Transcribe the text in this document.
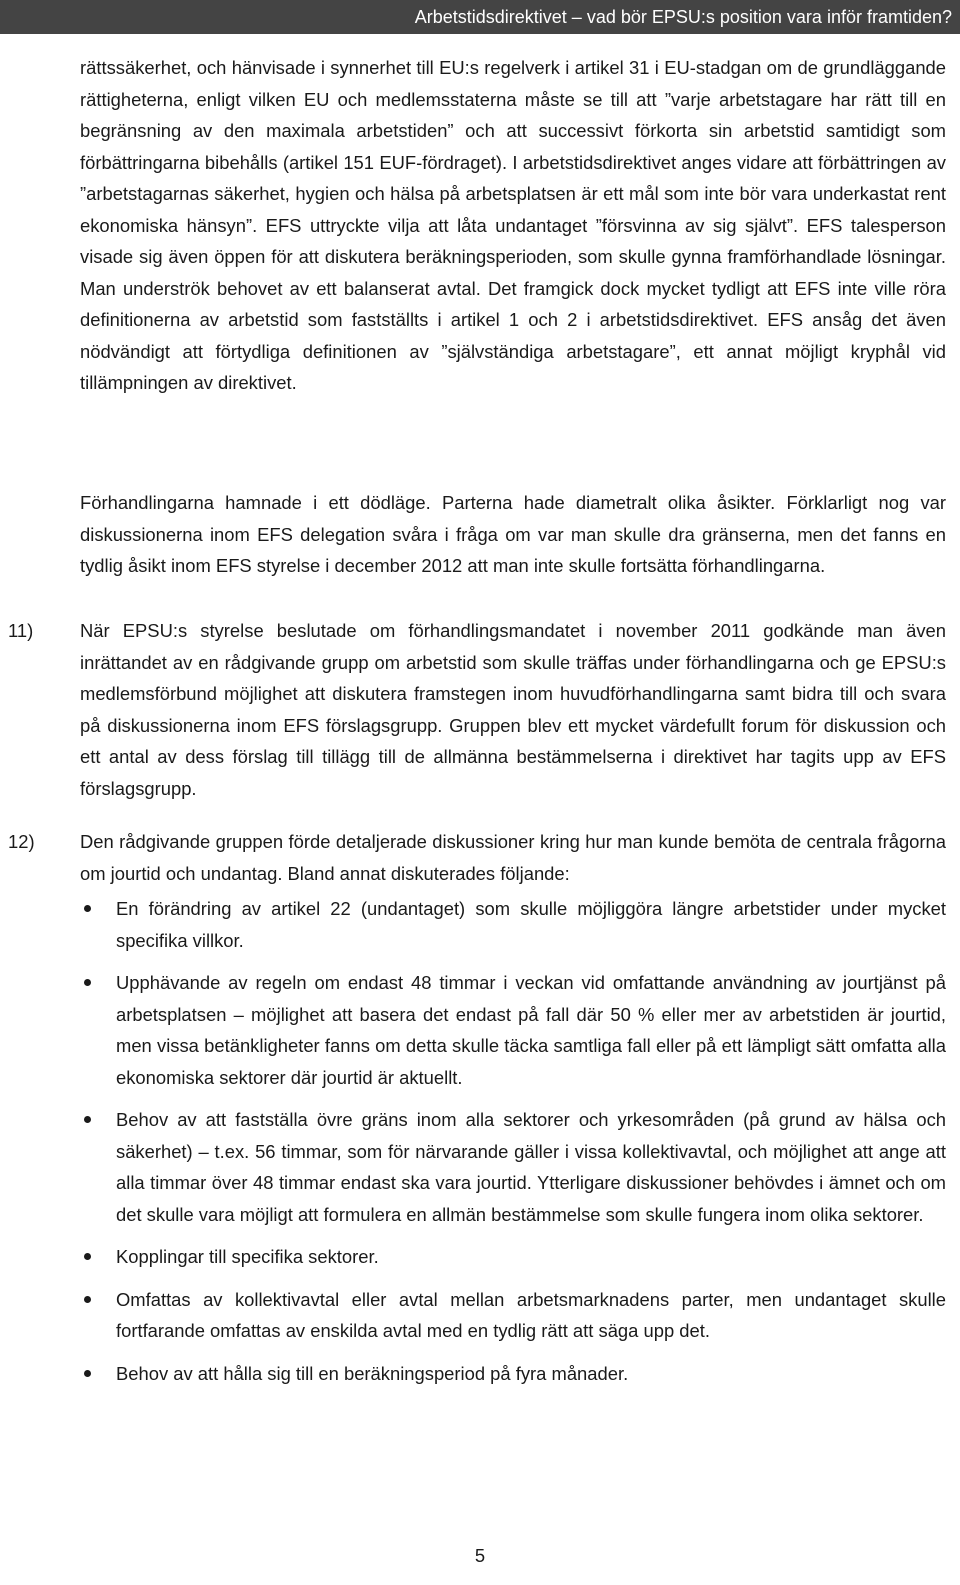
Arbetstidsdirektivet – vad bör EPSU:s position vara inför framtiden?

rättssäkerhet, och hänvisade i synnerhet till EU:s regelverk i artikel 31 i EU-stadgan om de grundläggande rättigheterna, enligt vilken EU och medlemsstaterna måste se till att ”varje arbetstagare har rätt till en begränsning av den maximala arbetstiden” och att successivt förkorta sin arbetstid samtidigt som förbättringarna bibehålls (artikel 151 EUF-fördraget). I arbetstidsdirektivet anges vidare att förbättringen av ”arbetstagarnas säkerhet, hygien och hälsa på arbetsplatsen är ett mål som inte bör vara underkastat rent ekonomiska hänsyn”. EFS uttryckte vilja att låta undantaget ”försvinna av sig självt”. EFS talesperson visade sig även öppen för att diskutera beräkningsperioden, som skulle gynna framförhandlade lösningar. Man underströk behovet av ett balanserat avtal. Det framgick dock mycket tydligt att EFS inte ville röra definitionerna av arbetstid som fastställts i artikel 1 och 2 i arbetstidsdirektivet. EFS ansåg det även nödvändigt att förtydliga definitionen av ”självständiga arbetstagare”, ett annat möjligt kryphål vid tillämpningen av direktivet.

Förhandlingarna hamnade i ett dödläge. Parterna hade diametralt olika åsikter. Förklarligt nog var diskussionerna inom EFS delegation svåra i fråga om var man skulle dra gränserna, men det fanns en tydlig åsikt inom EFS styrelse i december 2012 att man inte skulle fortsätta förhandlingarna.

11)	När EPSU:s styrelse beslutade om förhandlingsmandatet i november 2011 godkände man även inrättandet av en rådgivande grupp om arbetstid som skulle träffas under förhandlingarna och ge EPSU:s medlemsförbund möjlighet att diskutera framstegen inom huvudförhandlingarna samt bidra till och svara på diskussionerna inom EFS förslagsgrupp. Gruppen blev ett mycket värdefullt forum för diskussion och ett antal av dess förslag till tillägg till de allmänna bestämmelserna i direktivet har tagits upp av EFS förslagsgrupp.
12)	Den rådgivande gruppen förde detaljerade diskussioner kring hur man kunde bemöta de centrala frågorna om jourtid och undantag. Bland annat diskuterades följande:
En förändring av artikel 22 (undantaget) som skulle möjliggöra längre arbetstider under mycket specifika villkor.
Upphävande av regeln om endast 48 timmar i veckan vid omfattande användning av jourtjänst på arbetsplatsen – möjlighet att basera det endast på fall där 50 % eller mer av arbetstiden är jourtid, men vissa betänkligheter fanns om detta skulle täcka samtliga fall eller på ett lämpligt sätt omfatta alla ekonomiska sektorer där jourtid är aktuellt.
Behov av att fastställa övre gräns inom alla sektorer och yrkesområden (på grund av hälsa och säkerhet) – t.ex. 56 timmar, som för närvarande gäller i vissa kollektivavtal, och möjlighet att ange att alla timmar över 48 timmar endast ska vara jourtid. Ytterligare diskussioner behövdes i ämnet och om det skulle vara möjligt att formulera en allmän bestämmelse som skulle fungera inom olika sektorer.
Kopplingar till specifika sektorer.
Omfattas av kollektivavtal eller avtal mellan arbetsmarknadens parter, men undantaget skulle fortfarande omfattas av enskilda avtal med en tydlig rätt att säga upp det.
Behov av att hålla sig till en beräkningsperiod på fyra månader.
5
